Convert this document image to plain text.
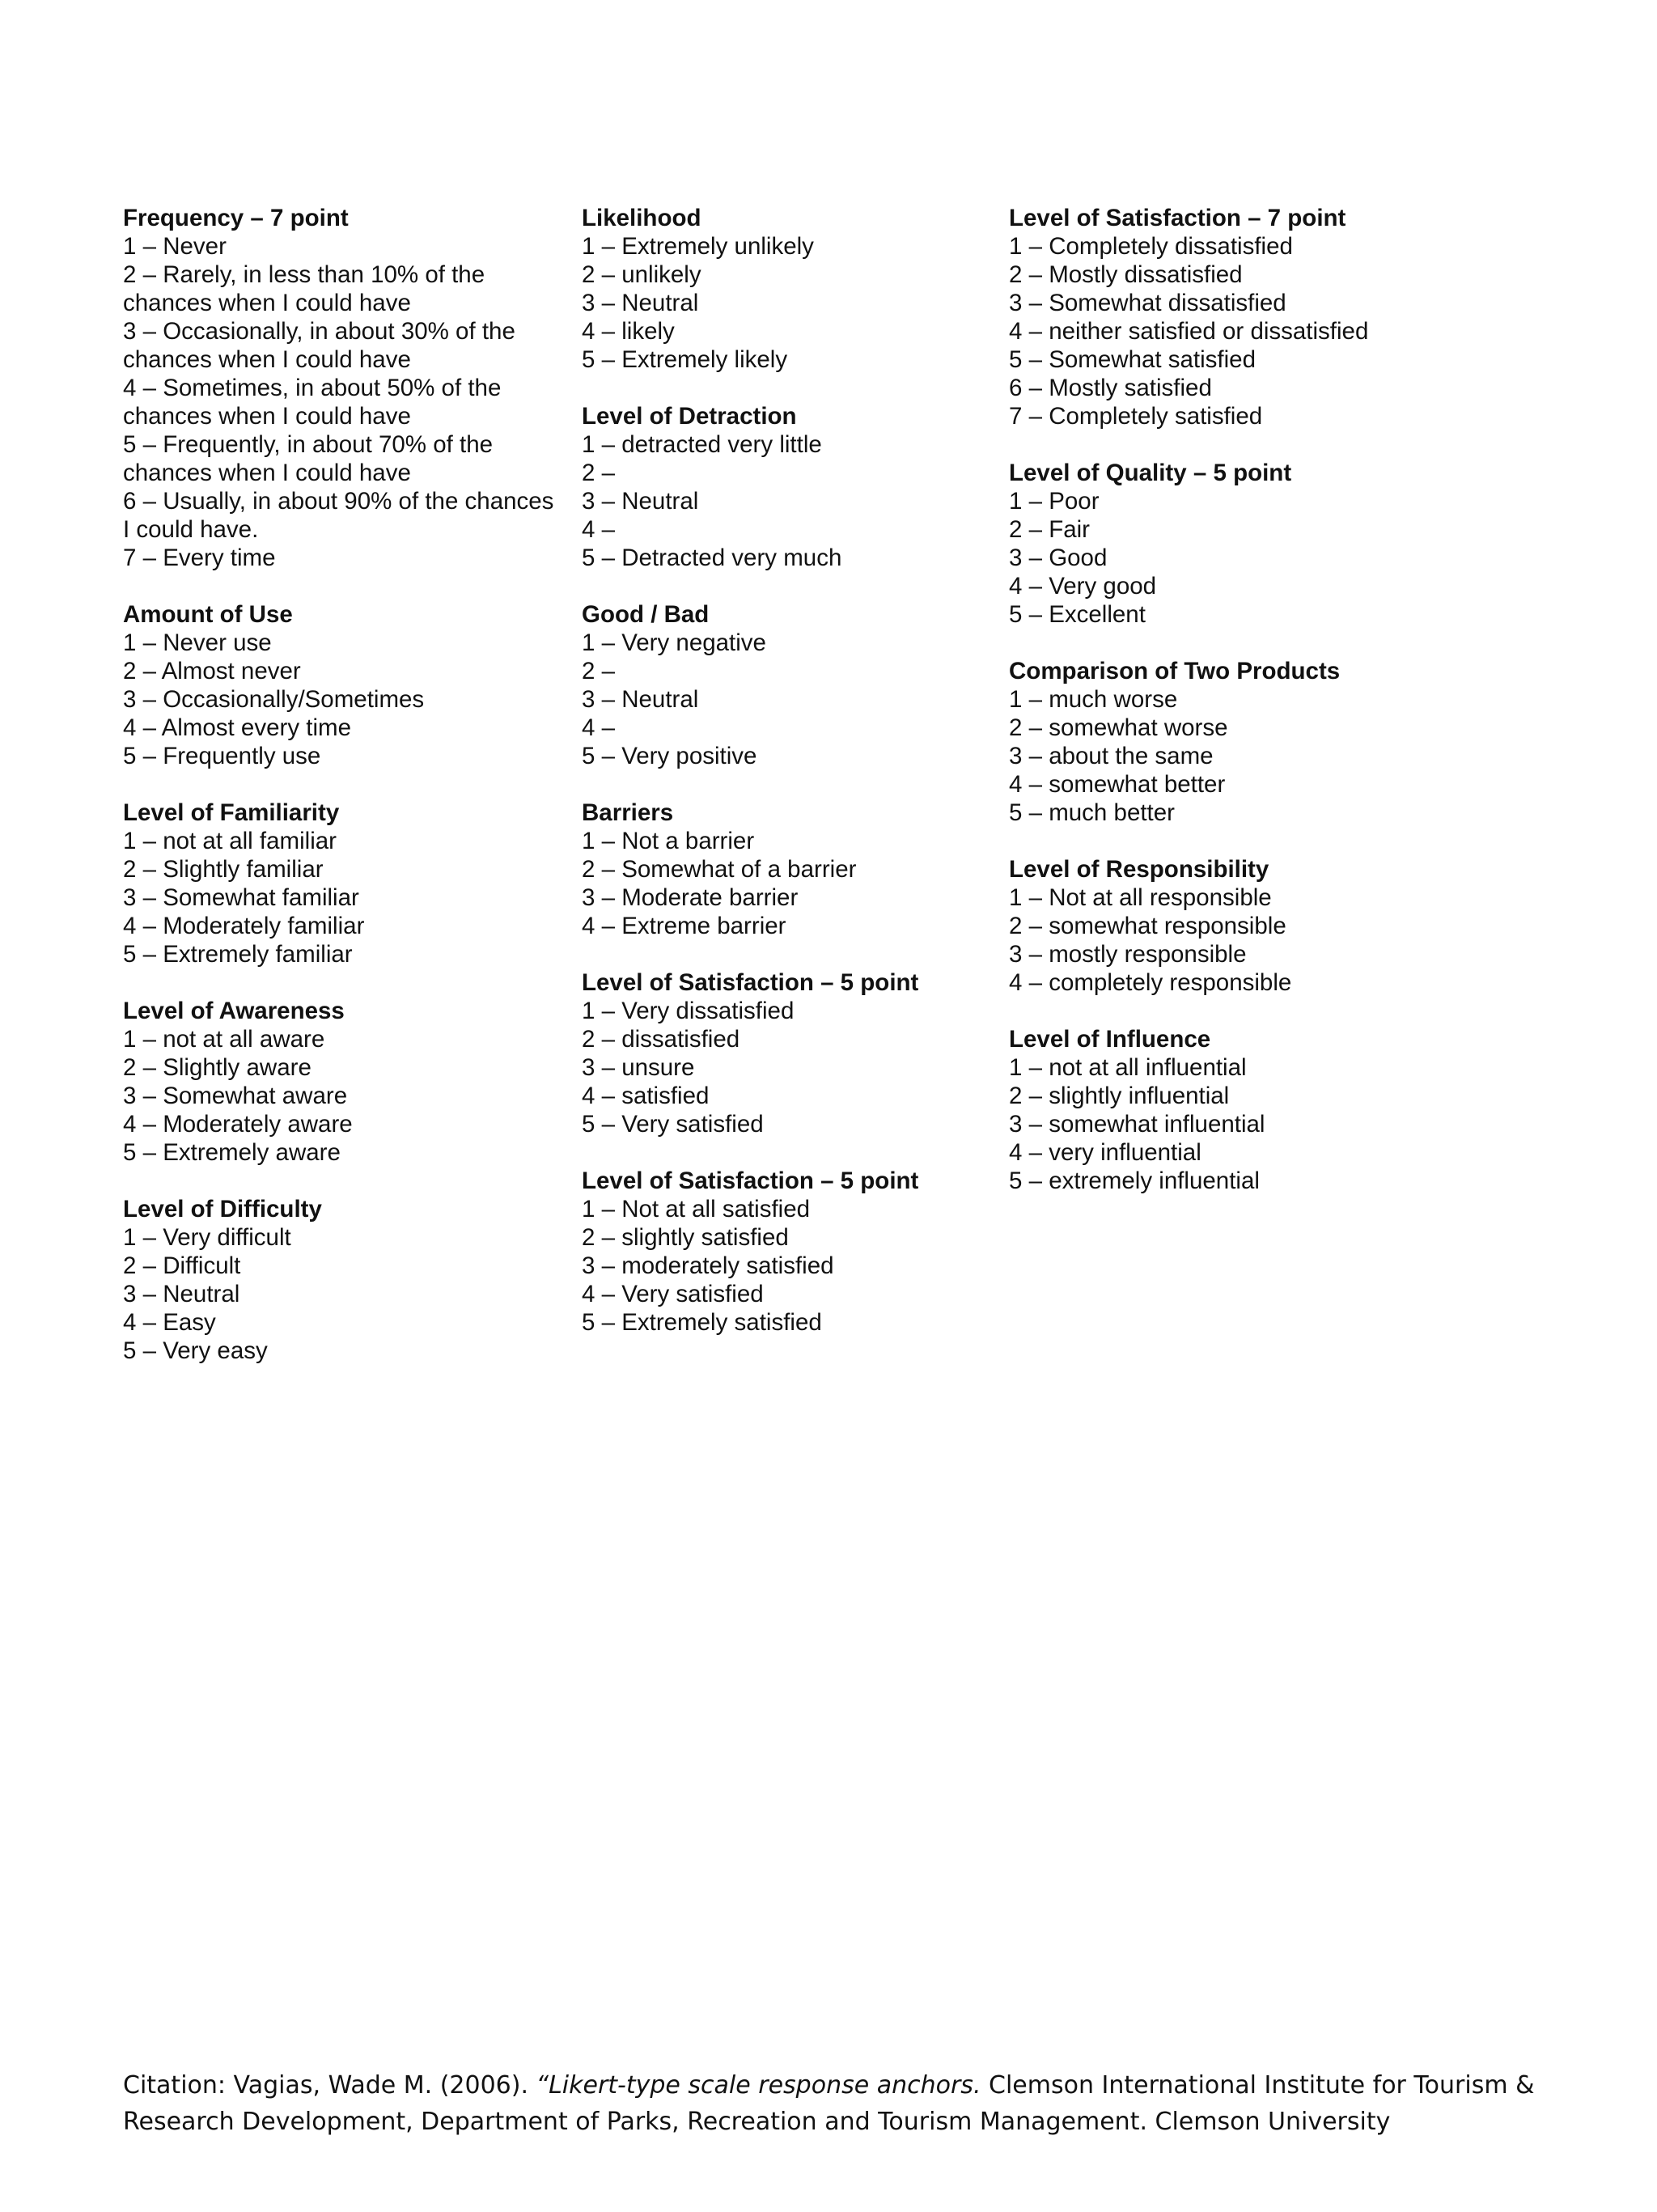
Frequency – 7 point
1 – Never
2 – Rarely, in less than 10% of the chances when I could have
3 – Occasionally, in about 30% of the chances when I could have
4 – Sometimes, in about 50% of the chances when I could have
5 – Frequently, in about 70% of the chances when I could have
6 – Usually, in about 90% of the chances I could have.
7 – Every time
Amount of Use
1 – Never use
2 – Almost never
3 – Occasionally/Sometimes
4 – Almost every time
5 – Frequently use
Level of Familiarity
1 – not at all familiar
2 – Slightly familiar
3 – Somewhat familiar
4 – Moderately familiar
5 – Extremely familiar
Level of Awareness
1 – not at all aware
2 – Slightly aware
3 – Somewhat aware
4 – Moderately aware
5 – Extremely aware
Level of Difficulty
1 – Very difficult
2 – Difficult
3 – Neutral
4 – Easy
5 – Very easy
Likelihood
1 – Extremely unlikely
2 – unlikely
3 – Neutral
4 – likely
5 – Extremely likely
Level of Detraction
1 – detracted very little
2 –
3 – Neutral
4 –
5 – Detracted very much
Good / Bad
1 – Very negative
2 –
3 – Neutral
4 –
5 – Very positive
Barriers
1 – Not a barrier
2 – Somewhat of a barrier
3 – Moderate barrier
4 – Extreme barrier
Level of Satisfaction – 5 point
1 – Very dissatisfied
2 – dissatisfied
3 – unsure
4 – satisfied
5 – Very satisfied
Level of Satisfaction – 5 point
1 – Not at all satisfied
2 – slightly satisfied
3 – moderately satisfied
4 – Very satisfied
5 – Extremely satisfied
Level of Satisfaction – 7 point
1 – Completely dissatisfied
2 – Mostly dissatisfied
3 – Somewhat dissatisfied
4 – neither satisfied or dissatisfied
5 – Somewhat satisfied
6 – Mostly satisfied
7 – Completely satisfied
Level of Quality – 5 point
1 – Poor
2 – Fair
3 – Good
4 – Very good
5 – Excellent
Comparison of Two Products
1 – much worse
2 – somewhat worse
3 – about the same
4 – somewhat better
5 – much better
Level of Responsibility
1 – Not at all responsible
2 – somewhat responsible
3 – mostly responsible
4 – completely responsible
Level of Influence
1 – not at all influential
2 – slightly influential
3 – somewhat influential
4 – very influential
5 – extremely influential
Citation: Vagias, Wade M. (2006). “Likert-type scale response anchors. Clemson International Institute for Tourism & Research Development, Department of Parks, Recreation and Tourism Management. Clemson University
